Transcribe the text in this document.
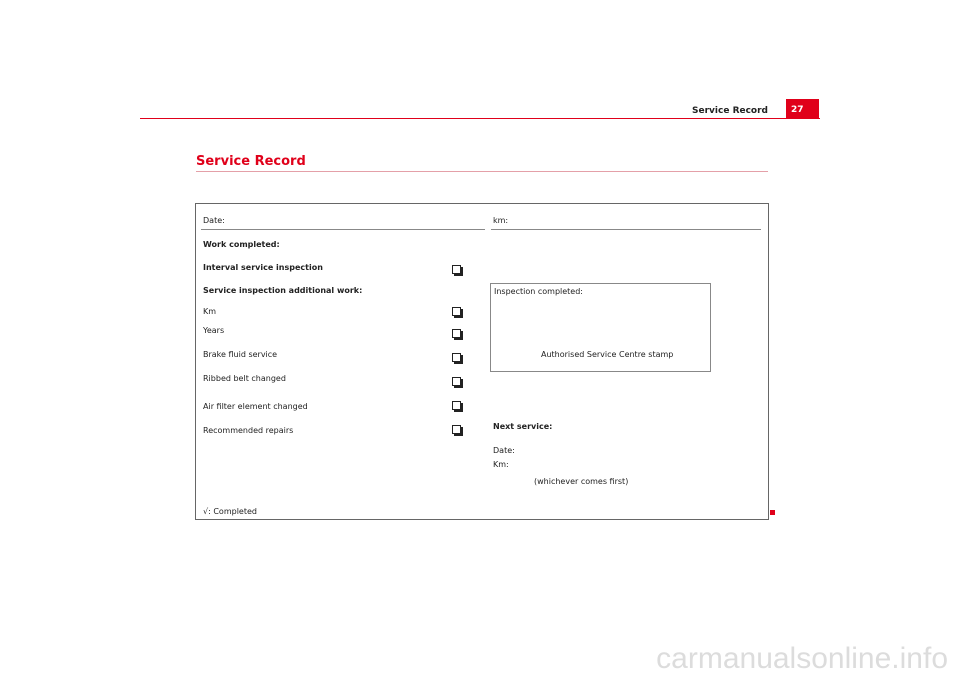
Service Record	27
Service Record
Date:
Work completed:
Interval service inspection
Service inspection additional work:
Km
Years
Brake fluid service
Ribbed belt changed
Air filter element changed
Recommended repairs
√: Completed
km:
Inspection completed:
Authorised Service Centre stamp
Next service:
Date:
Km:
(whichever comes first)
carmanualsonline.info
